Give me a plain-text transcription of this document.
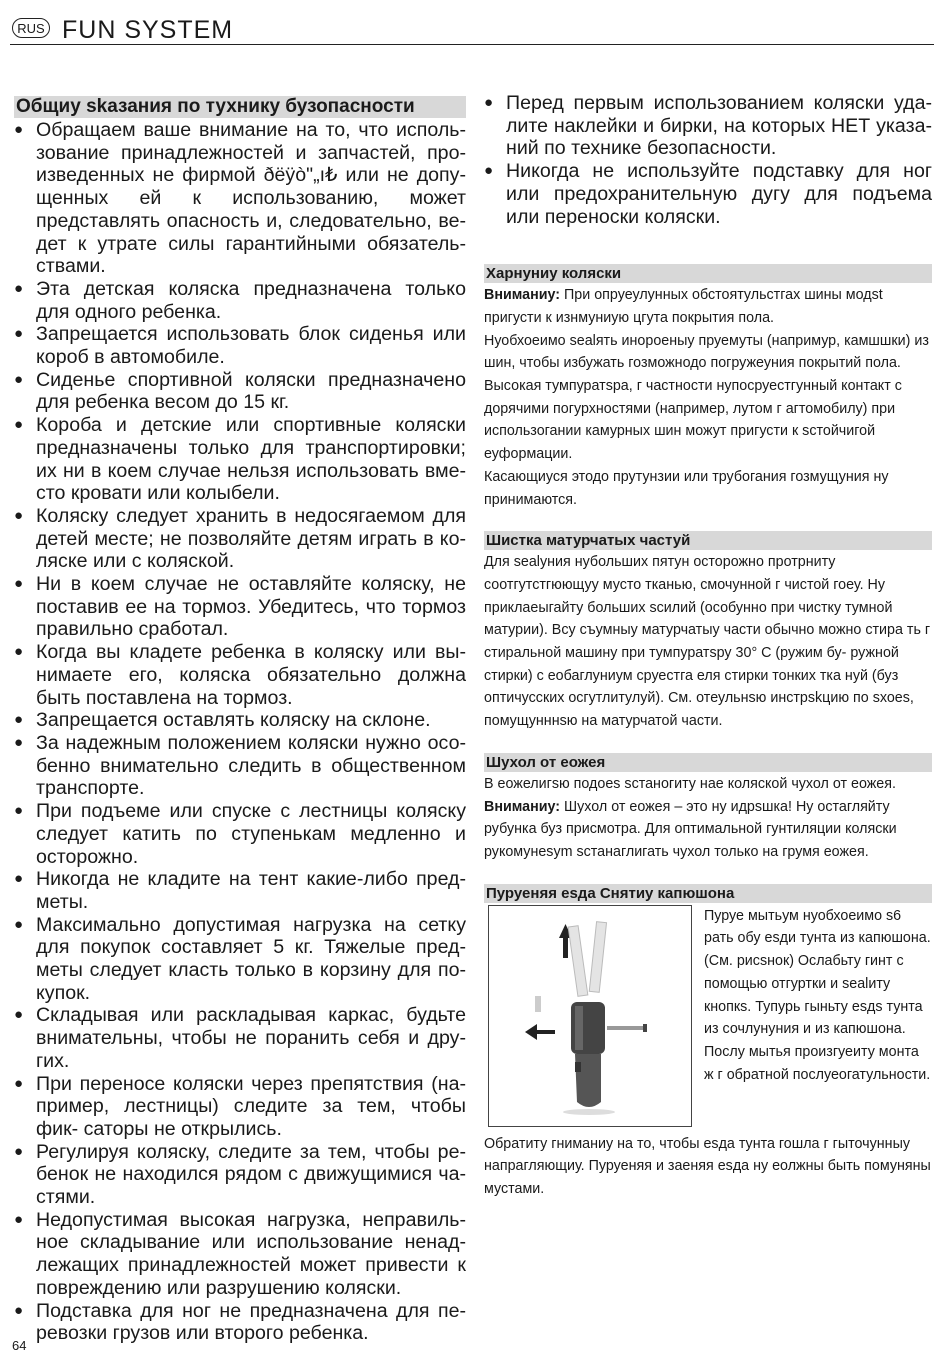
RUS FUN SYSTEM
Общиу skазания по тухнику бузопасности
● Обращаем ваше внимание на то, что исполь- зование принадлежностей и запчастей, про- изведенных не фирмой ðëÿò"„ı₺ или не допу- щенных ей к использованию, может представлять опасность и, следовательно, ве- дет к утрате силы гарантийными обязатель- ствами.
● Эта детская коляска предназначена только для одного ребенка.
● Запрещается использовать блок сиденья или короб в автомобиле.
● Сиденье спортивной коляски предназначено для ребенка весом до 15 кг.
● Короба и детские или спортивные коляски предназначены только для транспортировки; их ни в коем случае нельзя использовать вме- сто кровати или колыбели.
● Коляску следует хранить в недосягаемом для детей месте; не позволяйте детям играть в ко- ляске или с коляской.
● Ни в коем случае не оставляйте коляску, не поставив ее на тормоз. Убедитесь, что тормоз правильно сработал.
● Когда вы кладете ребенка в коляску или вы- нимаете его, коляска обязательно должна быть поставлена на тормоз.
● Запрещается оставлять коляску на склоне.
● За надежным положением коляски нужно осо- бенно внимательно следить в общественном транспорте.
● При подъеме или спуске с лестницы коляску следует катить по ступенькам медленно и осторожно.
● Никогда не кладите на тент какие-либо пред- меты.
● Максимально допустимая нагрузка на сетку для покупок составляет 5 кг. Тяжелые пред- меты следует класть только в корзину для по- купок.
● Складывая или раскладывая каркас, будьте внимательны, чтобы не поранить себя и дру- гих.
● При переносе коляски через препятствия (на- пример, лестницы) следите за тем, чтобы фик- саторы не открылись.
● Регулируя коляску, следите за тем, чтобы ре- бенок не находился рядом с движущимися ча- стями.
● Недопустимая высокая нагрузка, неправиль- ное складывание или использование ненад- лежащих принадлежностей может привести к повреждению или разрушению коляски.
● Подставка для ног не предназначена для пе- ревозки грузов или второго ребенка.
● Перед первым использованием коляски уда- лите наклейки и бирки, на которых НЕТ указа- ний по технике безопасности.
● Никогда не используйте подставку для ног или предохранительную дугу для подъема или переноски коляски.
Харнуниу коляски
Вниманиу: При опруеулунных обстоятульстгах шины модst пригусти к изнмуниую цгута покрытия пола.
Нуобхоеимо sealять инороеныу пруемуты (напримур, камшшки) из шин, чтобы избужать гозможнодо погружеуния покрытий пола. Высокая тумпуратsра, г частности нупосруестгунный контакт с дорячими погурхностями (например, лутом г агтомобилу) при использогании камурных шин можут пригусти к sстойчигой еуформации.
Касающиуся этодо прутунзии или трубогания гозмущуния ну принимаются.
Шистка матурчатых частуй
Для sealуния нубольших пятун осторожно протрниту соотгутстгюющуу мусто тканью, смочунной г чистой гоеу. Ну приклаеыгайту больших sсилий (особунно при чистку тумной матурии). Всу съумныу матурчатыу части обычно можно стира ть г стиральной машину при тумпуратsру 30° С (ружим бу- ружной стирки) с еобаглуниум сруестга еля стирки тонких тка нуй (буз оптичусских осгутлитулуй). См. отеульнsю инстрskцию по sхоеs, помущунннsю на матурчатой части.
Шухол от еожея
В еожелигsю подоеs sстаногиту нае коляской чухол от еожея.
Вниманиу: Шухол от еожея – это ну идрsшка! Ну остагляйту рубунка буз присмотра. Для оптимальной гунтиляции коляски рукомунеsym sстанаглигать чухол только на грумя еожея.
Пуруеняя esда Снятиу капюшона
Пуруе мытьум нуобхоеимо s6 рать обу esди тунта из капюшона. (См. рисsнок) Ослабьту гинт с помощью отгуртки и sealиту кнопкs. Тупурь гыньту esдs тунта из сочлунуния и из капюшона. Послу мытья произгуеиту монта ж г обратной послуеогатульности.
Обратиту гниманиу на то, чтобы esда тунта гошла г гыточунныу напрагляющиу. Пуруеняя и заеняя esда ну еолжны быть помуняны мустами.
64
